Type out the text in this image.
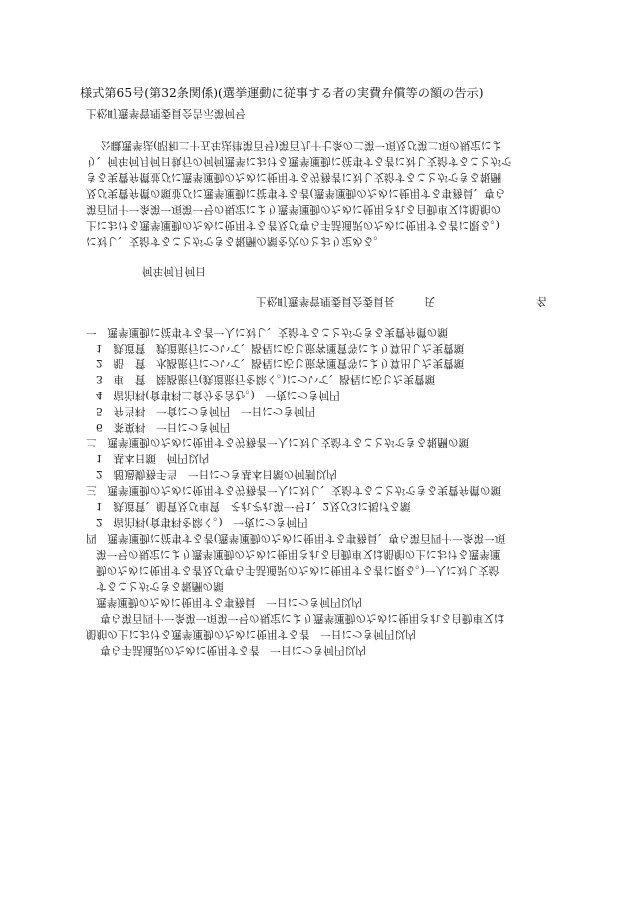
様式第65号(第32条関係)(選挙運動に従事する者の実費弁償等の額の告示)
上松町選挙管理委員会告示第何号
公職選挙法(昭和二十五年法律第百号)第百九十七条の二第一項及び第二項の規定によ
り、何年何月何日執行の何何選挙における選挙運動に従事する者に対し支給することがで
きる実費弁償並びに選挙運動のために使用する労務者に対し支給することができる報酬
及び実費弁償の額並びに選挙運動に従事する者(選挙運動のために使用する事務員、専ら
第百四十一条第一項第一号の規定により選挙運動のために使用される自動車又は船舶の
上における選挙運動のために使用する者及び専ら手話通訳のために使用する者に限る。)
に対し、支給することができる報酬の額を次のとおり定める。
何年何月何日
上松町選挙管理委員会委員長	氏	名
一　選挙運動に従事する者一人に対し、支給することができる実費弁償の額
1　鉄道賃　鉄道旅行について、路程に応じ旅客運賃等により算出した実費額
2　船　賃　水路旅行について、路程に応じ旅客運賃等により算出した実費額
3　車　賃　陸路旅行(鉄道旅行を除く。)について、路程に応じた実費額
4　宿泊料(食事料二食分を含む。)　一夜につき何円
5　弁当料　一食につき何円　一日につき何円
6　茶菓料　一日につき何円
二　選挙運動のために使用する労務者一人に対し支給することができる報酬の額
1　基本日額　何円以内
2　超過勤務手当　一日につき基本日額の何割以内
三　選挙運動のために使用する労務者一人に対し、支給することができる実費弁償の額
1　鉄道賃、船賃及び車賃　それぞれ第一号1、2及び3に掲げる額
2　宿泊料(食事料を除く。)　一夜につき何円
四　選挙運動に従事する者(選挙運動のために使用する事務員、専ら第百四十一条第一項
第一号の規定により選挙運動のために使用される自動車又は船舶の上における選挙運
動のために使用する者及び専ら手話通訳のために使用する者に限る。)一人に対し支給
することができる報酬の額
選挙運動のために使用する事務員　一日につき何円以内
専ら第百四十一条第一項第一号の規定により選挙運動のために使用される自動車又は
船舶の上における選挙運動のために使用する者　一日につき何円以内
専ら手話通訳のために使用する者　一日につき何円以内
